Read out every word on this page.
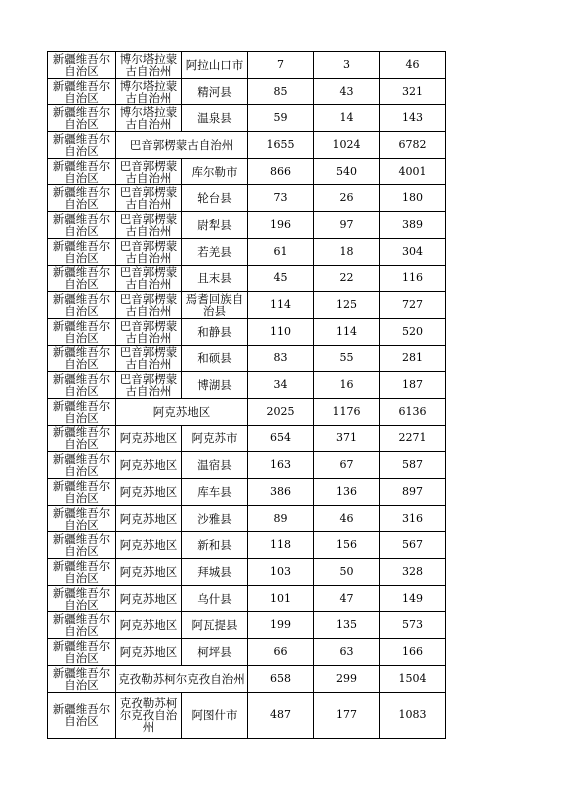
新疆维吾尔自治区	博尔塔拉蒙古自治州	阿拉山口市	7	3	46
新疆维吾尔自治区	博尔塔拉蒙古自治州	精河县	85	43	321
新疆维吾尔自治区	博尔塔拉蒙古自治州	温泉县	59	14	143
新疆维吾尔自治区	巴音郭楞蒙古自治州		1655	1024	6782
新疆维吾尔自治区	巴音郭楞蒙古自治州	库尔勒市	866	540	4001
新疆维吾尔自治区	巴音郭楞蒙古自治州	轮台县	73	26	180
新疆维吾尔自治区	巴音郭楞蒙古自治州	尉犁县	196	97	389
新疆维吾尔自治区	巴音郭楞蒙古自治州	若羌县	61	18	304
新疆维吾尔自治区	巴音郭楞蒙古自治州	且末县	45	22	116
新疆维吾尔自治区	巴音郭楞蒙古自治州	焉耆回族自治县	114	125	727
新疆维吾尔自治区	巴音郭楞蒙古自治州	和静县	110	114	520
新疆维吾尔自治区	巴音郭楞蒙古自治州	和硕县	83	55	281
新疆维吾尔自治区	巴音郭楞蒙古自治州	博湖县	34	16	187
新疆维吾尔自治区	阿克苏地区		2025	1176	6136
新疆维吾尔自治区	阿克苏地区	阿克苏市	654	371	2271
新疆维吾尔自治区	阿克苏地区	温宿县	163	67	587
新疆维吾尔自治区	阿克苏地区	库车县	386	136	897
新疆维吾尔自治区	阿克苏地区	沙雅县	89	46	316
新疆维吾尔自治区	阿克苏地区	新和县	118	156	567
新疆维吾尔自治区	阿克苏地区	拜城县	103	50	328
新疆维吾尔自治区	阿克苏地区	乌什县	101	47	149
新疆维吾尔自治区	阿克苏地区	阿瓦提县	199	135	573
新疆维吾尔自治区	阿克苏地区	柯坪县	66	63	166
新疆维吾尔自治区	克孜勒苏柯尔克孜自治州		658	299	1504
新疆维吾尔自治区	克孜勒苏柯尔克孜自治州	阿图什市	487	177	1083
